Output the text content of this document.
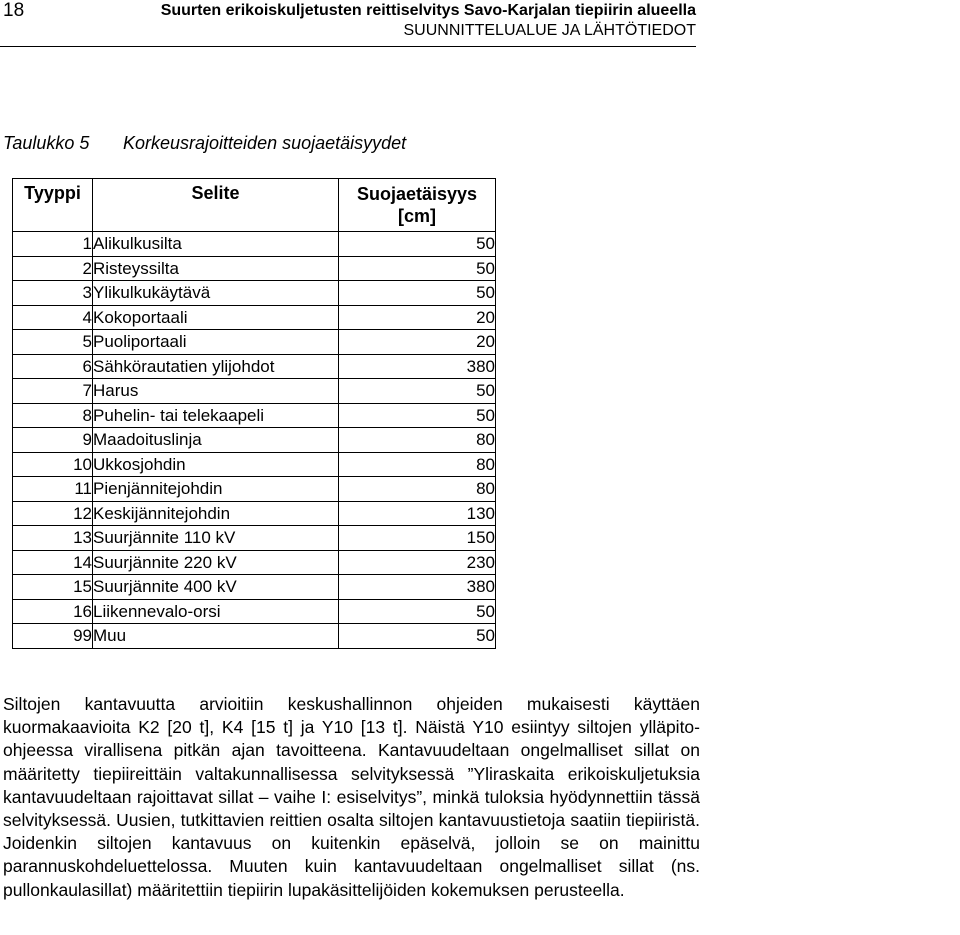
18	Suurten erikoiskuljetusten reittiselvitys Savo-Karjalan tiepiirin alueella
SUUNNITTELUALUE JA LÄHTÖTIEDOT
Taulukko 5 Korkeusrajoitteiden suojaetäisyydet
Tyyppi	Selite	Suojaetäisyys
[cm]
1	Alikulkusilta	50
2	Risteyssilta	50
3	Ylikulkukäytävä	50
4	Kokoportaali	20
5	Puoliportaali	20
6	Sähkörautatien ylijohdot	380
7	Harus	50
8	Puhelin- tai telekaapeli	50
9	Maadoituslinja	80
10	Ukkosjohdin	80
11	Pienjännitejohdin	80
12	Keskijännitejohdin	130
13	Suurjännite 110 kV	150
14	Suurjännite 220 kV	230
15	Suurjännite 400 kV	380
16	Liikennevalo-orsi	50
99	Muu	50
Siltojen kantavuutta arvioitiin keskushallinnon ohjeiden mukaisesti käyttäen kuormakaavioita K2 [20 t], K4 [15 t] ja Y10 [13 t]. Näistä Y10 esiintyy siltojen ylläpito-ohjeessa virallisena pitkän ajan tavoitteena. Kantavuudeltaan ongelmalliset sillat on määritetty tiepiireittäin valtakunnallisessa selvityksessä ”Yliraskaita erikoiskuljetuksia kantavuudeltaan rajoittavat sillat – vaihe I: esiselvitys”, minkä tuloksia hyödynnettiin tässä selvityksessä. Uusien, tutkittavien reittien osalta siltojen kantavuustietoja saatiin tiepiiristä. Joidenkin siltojen kantavuus on kuitenkin epäselvä, jolloin se on mainittu parannuskohdeluettelossa. Muuten kuin kantavuudeltaan ongelmalliset sillat (ns. pullonkaulasillat) määritettiin tiepiirin lupakäsittelijöiden kokemuksen perusteella.
